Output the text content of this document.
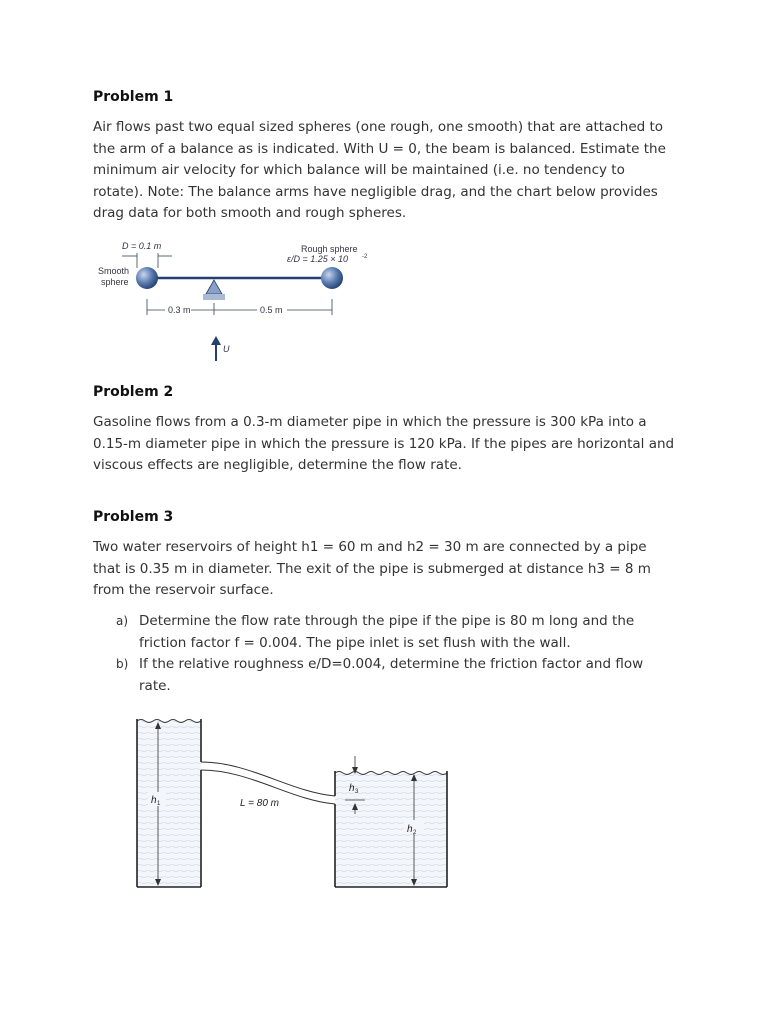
Problem 1
Air flows past two equal sized spheres (one rough, one smooth) that are attached to the arm of a balance as is indicated. With U = 0, the beam is balanced. Estimate the minimum air velocity for which balance will be maintained (i.e. no tendency to rotate). Note: The balance arms have negligible drag, and the chart below provides drag data for both smooth and rough spheres.
D = 0.1 m
Smooth
sphere
Rough sphere
ε/D = 1.25 × 10 -2
0.3 m	0.5 m
U
Problem 2
Gasoline flows from a 0.3-m diameter pipe in which the pressure is 300 kPa into a 0.15-m diameter pipe in which the pressure is 120 kPa. If the pipes are horizontal and viscous effects are negligible, determine the flow rate.
Problem 3
Two water reservoirs of height h1 = 60 m and h2 = 30 m are connected by a pipe that is 0.35 m in diameter. The exit of the pipe is submerged at distance h3 = 8 m from the reservoir surface.
a) Determine the flow rate through the pipe if the pipe is 80 m long and the friction factor f = 0.004. The pipe inlet is set flush with the wall.
b) If the relative roughness e/D=0.004, determine the friction factor and flow rate.
h 1	L = 80 m
h 3
h 2
